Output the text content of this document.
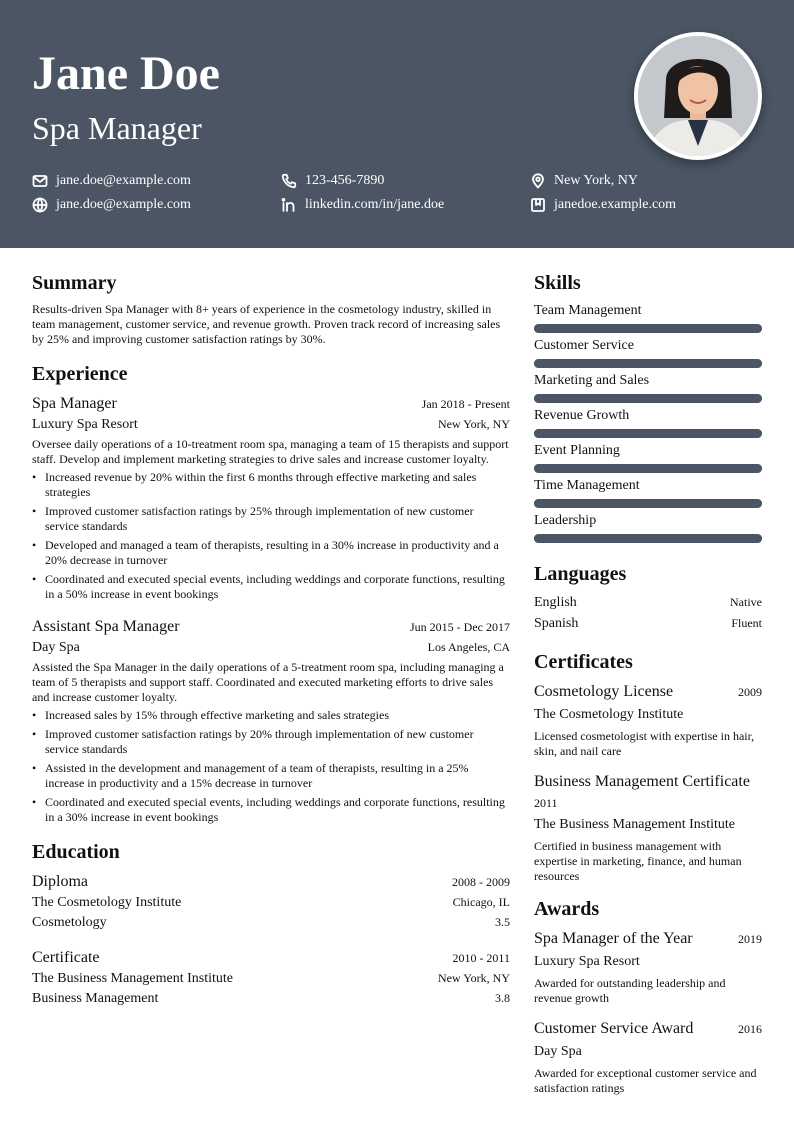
Jane Doe
Spa Manager
jane.doe@example.com	123-456-7890	New York, NY
jane.doe@example.com	linkedin.com/in/jane.doe	janedoe.example.com
Summary

Results-driven Spa Manager with 8+ years of experience in the cosmetology industry, skilled in team management, customer service, and revenue growth. Proven track record of increasing sales by 25% and improving customer satisfaction ratings by 30%.

Experience
Spa Manager	Jan 2018 - Present
Luxury Spa Resort	New York, NY

Oversee daily operations of a 10-treatment room spa, managing a team of 15 therapists and support staff. Develop and implement marketing strategies to drive sales and increase customer loyalty.

• Increased revenue by 20% within the first 6 months through effective marketing and sales strategies
• Improved customer satisfaction ratings by 25% through implementation of new customer service standards
• Developed and managed a team of therapists, resulting in a 30% increase in productivity and a 20% decrease in turnover
• Coordinated and executed special events, including weddings and corporate functions, resulting in a 50% increase in event bookings
Assistant Spa Manager	Jun 2015 - Dec 2017
Day Spa	Los Angeles, CA

Assisted the Spa Manager in the daily operations of a 5-treatment room spa, including managing a team of 5 therapists and support staff. Coordinated and executed marketing efforts to drive sales and increase customer loyalty.

• Increased sales by 15% through effective marketing and sales strategies
• Improved customer satisfaction ratings by 20% through implementation of new customer service standards
• Assisted in the development and management of a team of therapists, resulting in a 25% increase in productivity and a 15% decrease in turnover
• Coordinated and executed special events, including weddings and corporate functions, resulting in a 30% increase in event bookings
Education
Diploma	2008 - 2009
The Cosmetology Institute	Chicago, IL
Cosmetology	3.5
Certificate	2010 - 2011
The Business Management Institute	New York, NY
Business Management	3.8
Skills
Team Management
Customer Service
Marketing and Sales
Revenue Growth
Event Planning
Time Management
Leadership
Languages
English	Native
Spanish	Fluent
Certificates
Cosmetology License	2009
The Cosmetology Institute
Licensed cosmetologist with expertise in hair, skin, and nail care
Business Management Certificate
2011
The Business Management Institute
Certified in business management with expertise in marketing, finance, and human resources
Awards
Spa Manager of the Year	2019
Luxury Spa Resort
Awarded for outstanding leadership and revenue growth
Customer Service Award	2016
Day Spa
Awarded for exceptional customer service and satisfaction ratings
